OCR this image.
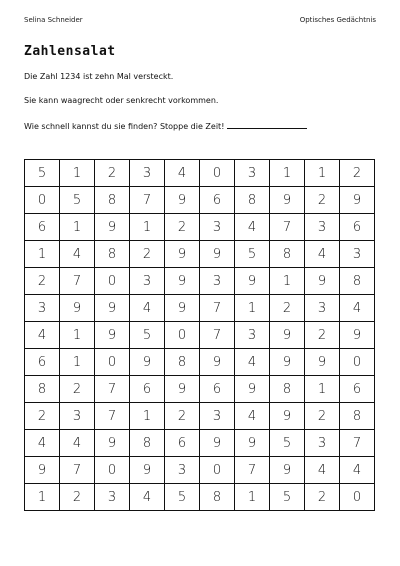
Selina Schneider	Optisches Gedächtnis
Zahlensalat
Die Zahl 1234 ist zehn Mal versteckt.
Sie kann waagrecht oder senkrecht vorkommen.
Wie schnell kannst du sie finden? Stoppe die Zeit!
5	1	2	3	4	0	3	1	1	2
0	5	8	7	9	6	8	9	2	9
6	1	9	1	2	3	4	7	3	6
1	4	8	2	9	9	5	8	4	3
2	7	0	3	9	3	9	1	9	8
3	9	9	4	9	7	1	2	3	4
4	1	9	5	0	7	3	9	2	9
6	1	0	9	8	9	4	9	9	0
8	2	7	6	9	6	9	8	1	6
2	3	7	1	2	3	4	9	2	8
4	4	9	8	6	9	9	5	3	7
9	7	0	9	3	0	7	9	4	4
1	2	3	4	5	8	1	5	2	0
